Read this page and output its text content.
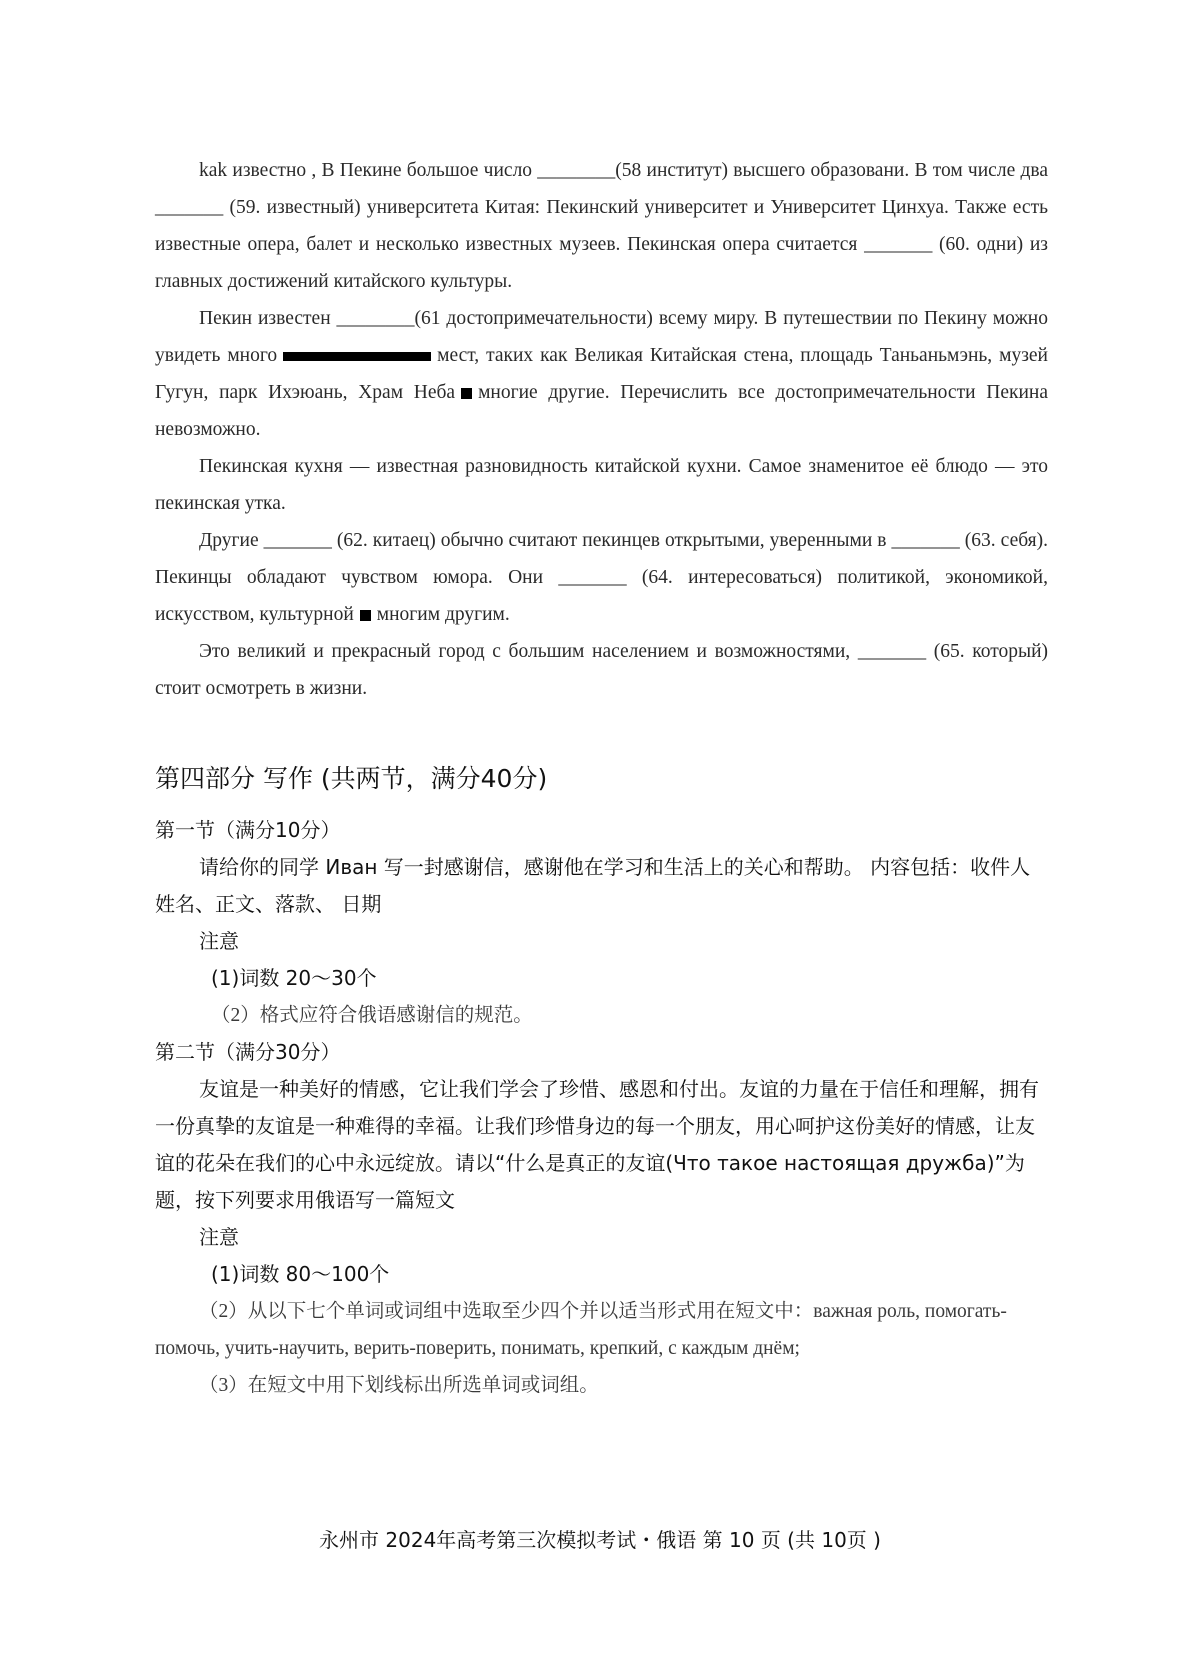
kak известно , В Пекине большое число ________(58 институт) высшего образовани. В том числе два _______ (59. известный) университета Китая: Пекинский университет и Университет Цинхуа. Также есть известные опера, балет и несколько известных музеев. Пекинская опера считается _______ (60. одни) из главных достижений китайского культуры.

Пекин известен ________(61 достопримечательности) всему миру. В путешествии по Пекину можно увидеть много	мест, таких как Великая Китайская стена, площадь Таньаньмэнь, музей Гугун, парк Ихэюань, Храм Неба многие другие. Перечислить все достопримечательности Пекина невозможно.

Пекинская кухня — известная разновидность китайской кухни. Самое знаменитое её блюдо — это пекинская утка.

Другие _______ (62. китаец) обычно считают пекинцев открытыми, уверенными в _______ (63. себя). Пекинцы обладают чувством юмора. Они _______ (64. интересоваться) политикой, экономикой, искусством, культурной многим другим.

Это великий и прекрасный город с большим населением и возможностями, _______ (65. который) стоит осмотреть в жизни.

第四部分 写作 (共两节，满分40分)

第一节（满分10分）

请给你的同学 Иван 写一封感谢信，感谢他在学习和生活上的关心和帮助。 内容包括：收件人姓名、正文、落款、 日期

注意

(1)词数 20～30个

（2）格式应符合俄语感谢信的规范。

第二节（满分30分）

友谊是一种美好的情感，它让我们学会了珍惜、感恩和付出。友谊的力量在于信任和理解，拥有一份真挚的友谊是一种难得的幸福。让我们珍惜身边的每一个朋友，用心呵护这份美好的情感，让友谊的花朵在我们的心中永远绽放。请以“什么是真正的友谊(Что такое настоящая дружба)”为题，按下列要求用俄语写一篇短文

注意

(1)词数 80～100个

（2）从以下七个单词或词组中选取至少四个并以适当形式用在短文中：важная роль, помогать-помочь, учить-научить, верить-поверить, понимать, крепкий, с каждым днём;

（3）在短文中用下划线标出所选单词或词组。

永州市 2024年高考第三次模拟考试・俄语 第 10 页 (共 10页 )
